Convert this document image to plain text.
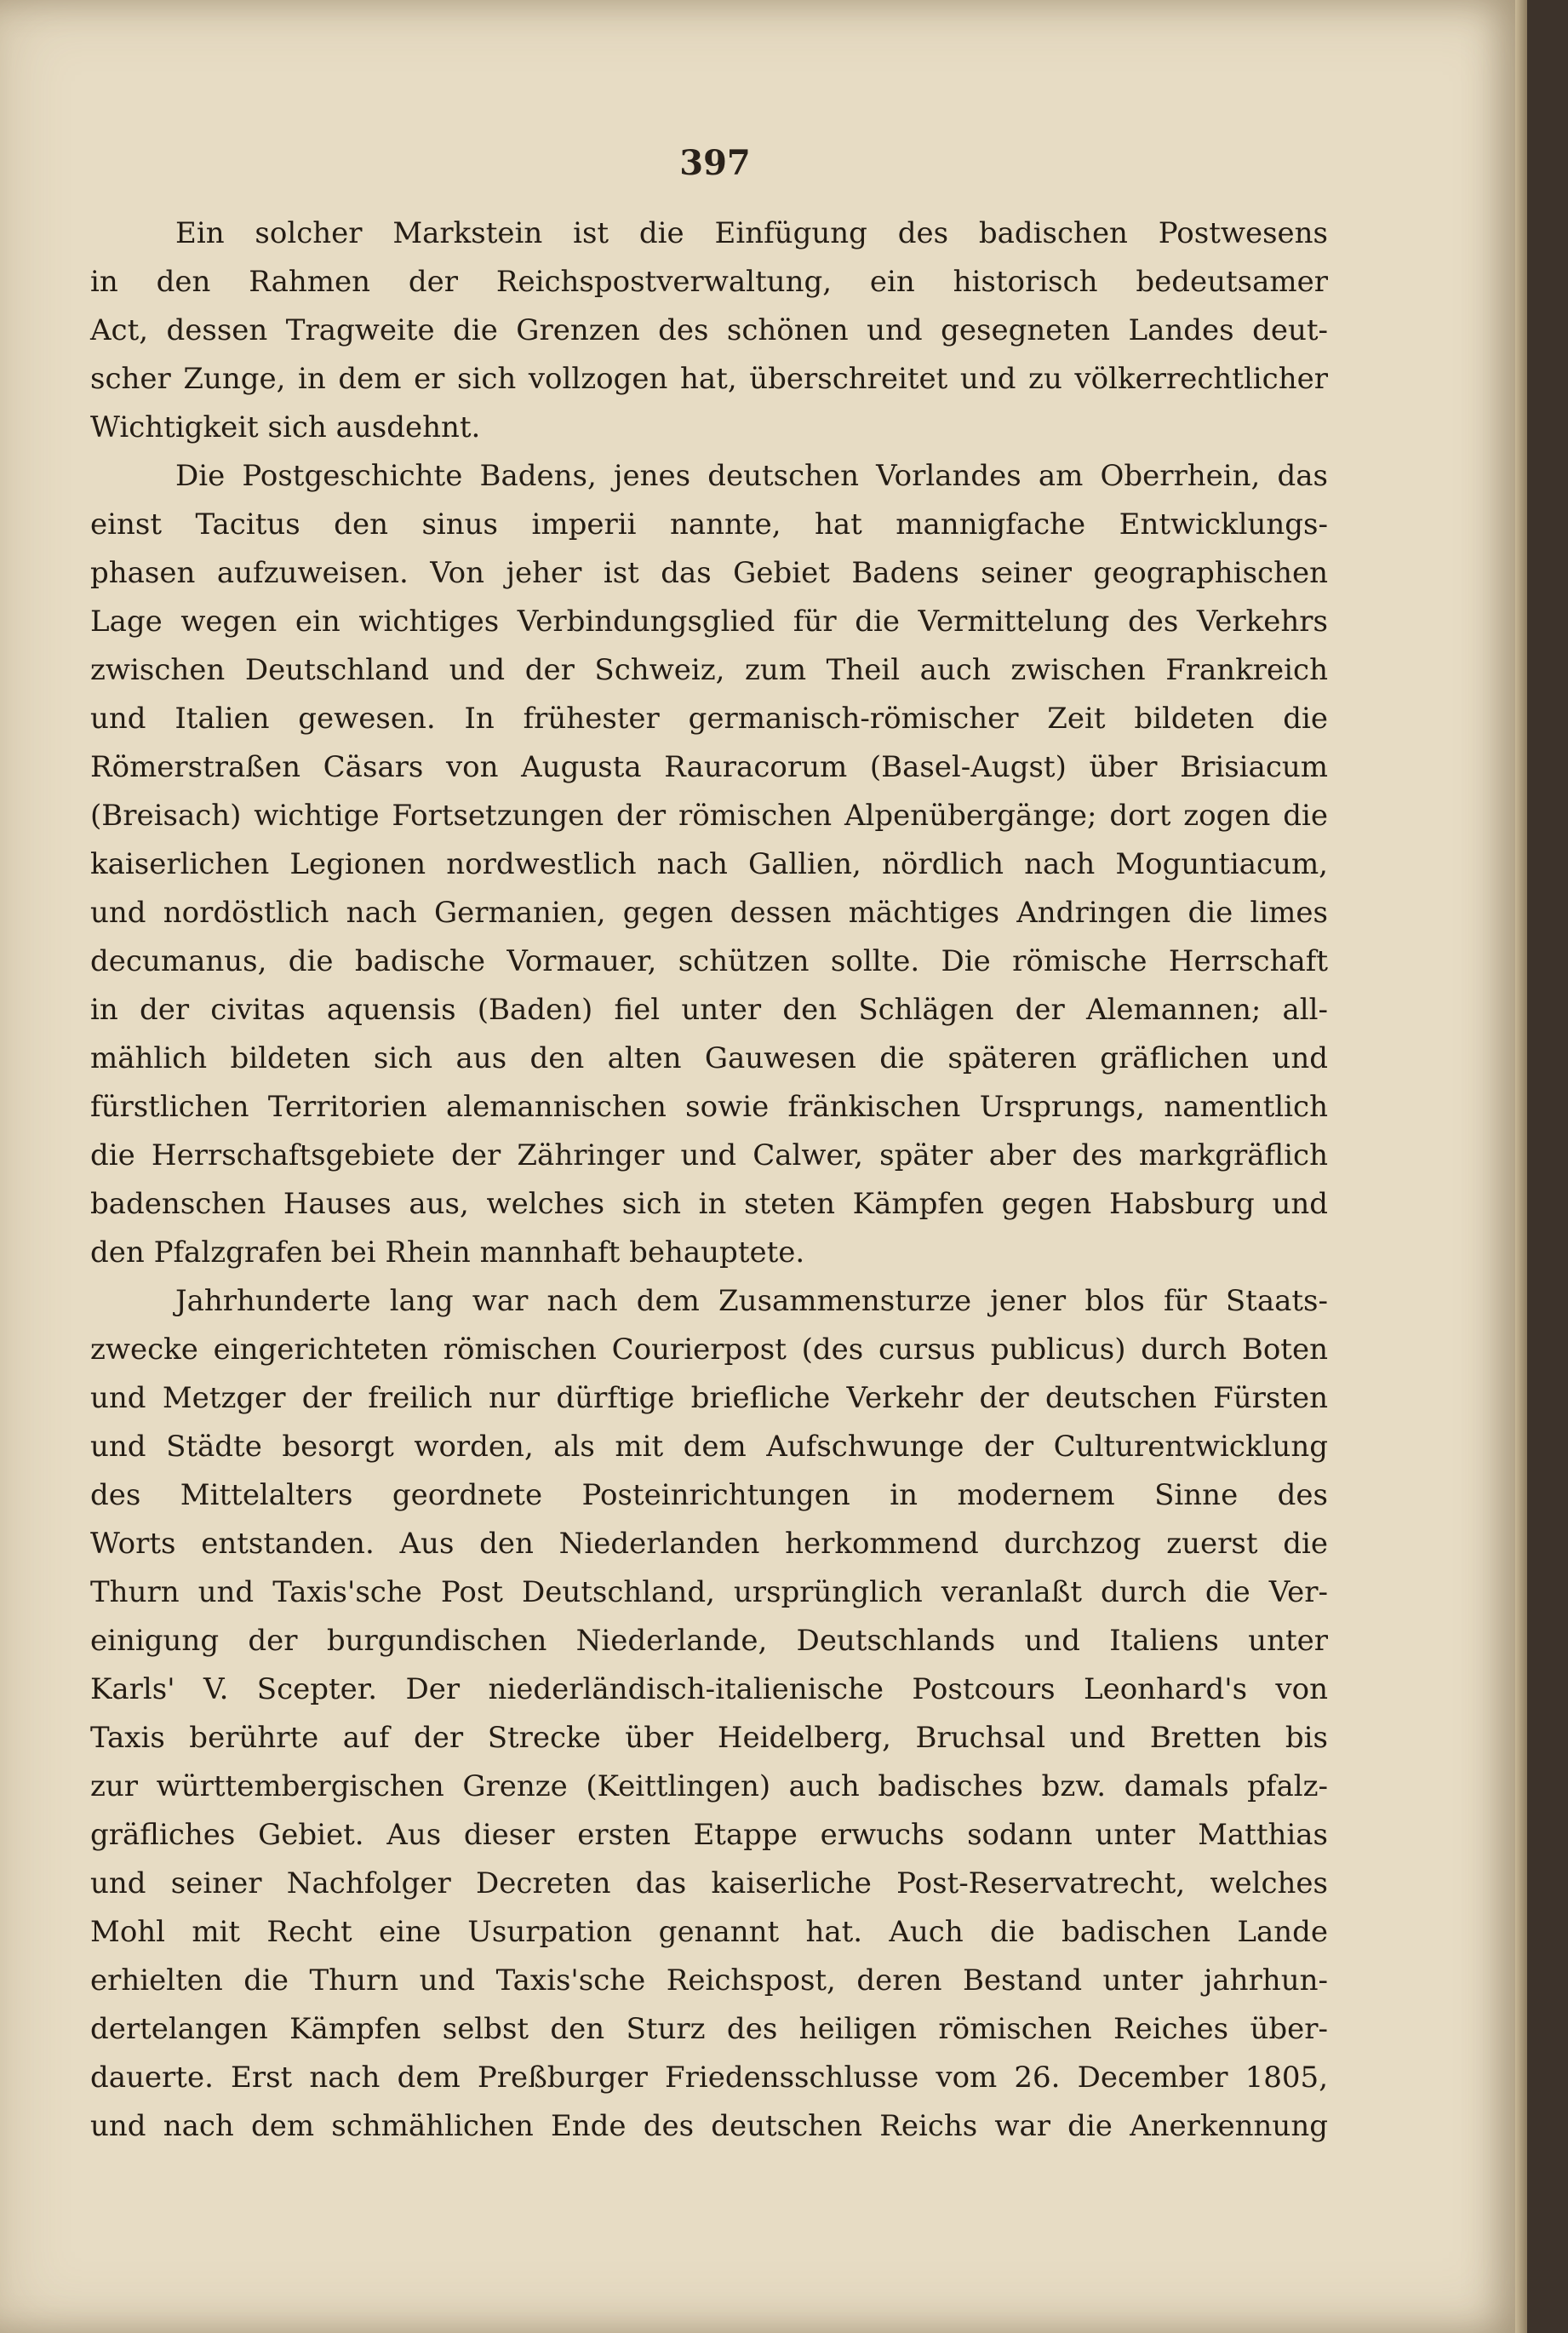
397
Ein solcher Markstein ist die Einfügung des badischen Postwesens
in den Rahmen der Reichspostverwaltung, ein historisch bedeutsamer
Act, dessen Tragweite die Grenzen des schönen und gesegneten Landes deut-
scher Zunge, in dem er sich vollzogen hat, überschreitet und zu völkerrechtlicher
Wichtigkeit sich ausdehnt.
Die Postgeschichte Badens, jenes deutschen Vorlandes am Oberrhein, das
einst Tacitus den sinus imperii nannte, hat mannigfache Entwicklungs-
phasen aufzuweisen. Von jeher ist das Gebiet Badens seiner geographischen
Lage wegen ein wichtiges Verbindungsglied für die Vermittelung des Verkehrs
zwischen Deutschland und der Schweiz, zum Theil auch zwischen Frankreich
und Italien gewesen. In frühester germanisch-römischer Zeit bildeten die
Römerstraßen Cäsars von Augusta Rauracorum (Basel-Augst) über Brisiacum
(Breisach) wichtige Fortsetzungen der römischen Alpenübergänge; dort zogen die
kaiserlichen Legionen nordwestlich nach Gallien, nördlich nach Moguntiacum,
und nordöstlich nach Germanien, gegen dessen mächtiges Andringen die limes
decumanus, die badische Vormauer, schützen sollte. Die römische Herrschaft
in der civitas aquensis (Baden) fiel unter den Schlägen der Alemannen; all-
mählich bildeten sich aus den alten Gauwesen die späteren gräflichen und
fürstlichen Territorien alemannischen sowie fränkischen Ursprungs, namentlich
die Herrschaftsgebiete der Zähringer und Calwer, später aber des markgräflich
badenschen Hauses aus, welches sich in steten Kämpfen gegen Habsburg und
den Pfalzgrafen bei Rhein mannhaft behauptete.
Jahrhunderte lang war nach dem Zusammensturze jener blos für Staats-
zwecke eingerichteten römischen Courierpost (des cursus publicus) durch Boten
und Metzger der freilich nur dürftige briefliche Verkehr der deutschen Fürsten
und Städte besorgt worden, als mit dem Aufschwunge der Culturentwicklung
des Mittelalters geordnete Posteinrichtungen in modernem Sinne des
Worts entstanden. Aus den Niederlanden herkommend durchzog zuerst die
Thurn und Taxis'sche Post Deutschland, ursprünglich veranlaßt durch die Ver-
einigung der burgundischen Niederlande, Deutschlands und Italiens unter
Karls' V. Scepter. Der niederländisch-italienische Postcours Leonhard's von
Taxis berührte auf der Strecke über Heidelberg, Bruchsal und Bretten bis
zur württembergischen Grenze (Keittlingen) auch badisches bzw. damals pfalz-
gräfliches Gebiet. Aus dieser ersten Etappe erwuchs sodann unter Matthias
und seiner Nachfolger Decreten das kaiserliche Post-Reservatrecht, welches
Mohl mit Recht eine Usurpation genannt hat. Auch die badischen Lande
erhielten die Thurn und Taxis'sche Reichspost, deren Bestand unter jahrhun-
dertelangen Kämpfen selbst den Sturz des heiligen römischen Reiches über-
dauerte. Erst nach dem Preßburger Friedensschlusse vom 26. December 1805,
und nach dem schmählichen Ende des deutschen Reichs war die Anerkennung
